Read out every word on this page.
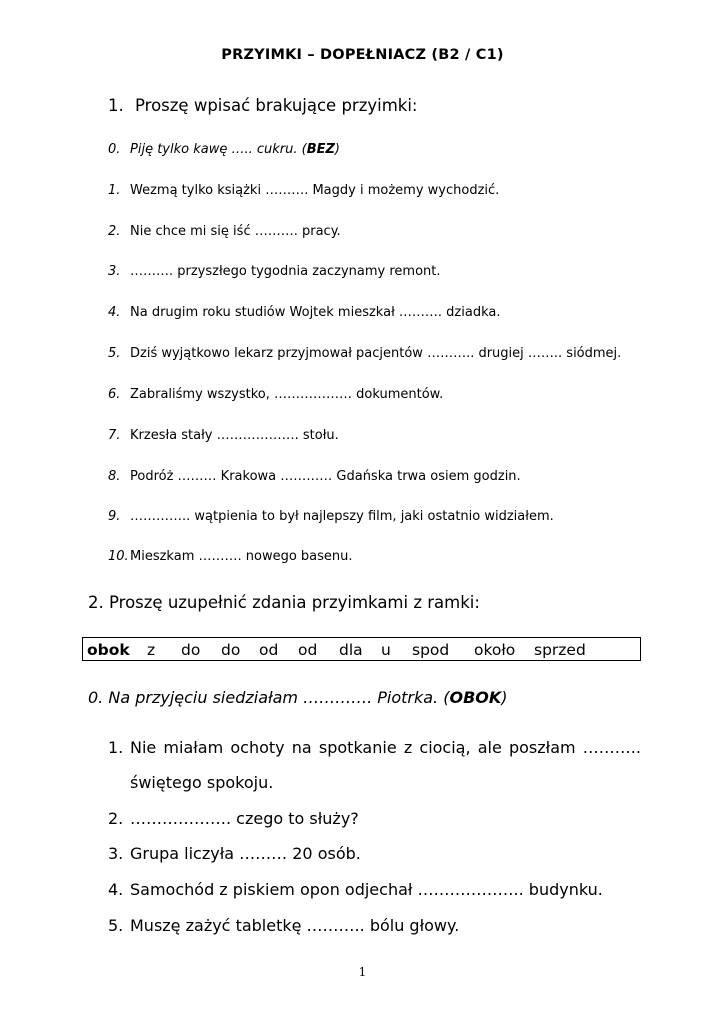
PRZYIMKI – DOPEŁNIACZ (B2 / C1)
1. Proszę wpisać brakujące przyimki:
0. Piję tylko kawę ….. cukru. (BEZ)
1. Wezmą tylko książki ………. Magdy i możemy wychodzić.
2. Nie chce mi się iść ………. pracy.
3. ………. przyszłego tygodnia zaczynamy remont.
4. Na drugim roku studiów Wojtek mieszkał ………. dziadka.
5. Dziś wyjątkowo lekarz przyjmował pacjentów ……….. drugiej …….. siódmej.
6. Zabraliśmy wszystko, ……………… dokumentów.
7. Krzesła stały ………………. stołu.
8. Podróż ……… Krakowa ………… Gdańska trwa osiem godzin.
9. ………….. wątpienia to był najlepszy film, jaki ostatnio widziałem.
10.Mieszkam ………. nowego basenu.
2. Proszę uzupełnić zdania przyimkami z ramki:
obok z do do od od dla u spod około sprzed
0. Na przyjęciu siedziałam …………. Piotrka. (OBOK)
1. Nie miałam ochoty na spotkanie z ciocią, ale poszłam ………..
świętego spokoju.
2. ………………. czego to służy?
3. Grupa liczyła ……… 20 osób.
4. Samochód z piskiem opon odjechał ……………….. budynku.
5. Muszę zażyć tabletkę ……….. bólu głowy.
1
